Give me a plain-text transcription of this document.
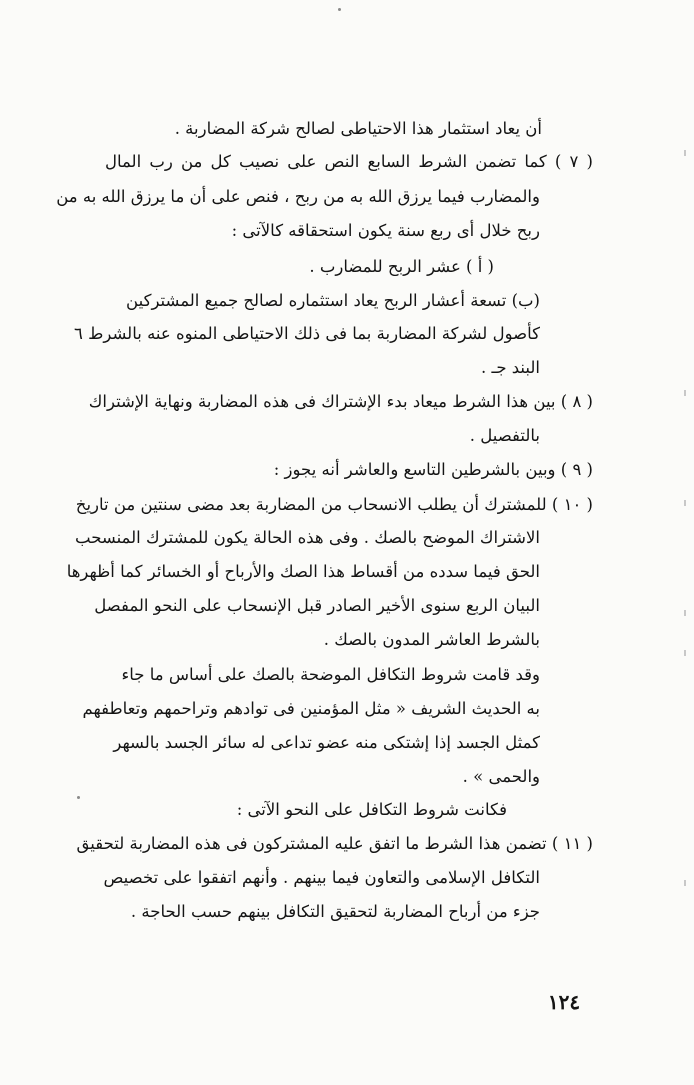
أن يعاد استثمار هذا الاحتياطى لصالح شركة المضاربة .
( ٧ ) كما تضمن الشرط السابع النص على نصيب كل من رب المال
والمضارب فيما يرزق الله به من ربح ، فنص على أن ما يرزق الله به من
ربح خلال أى ربع سنة يكون استحقاقه كالآتى :
( أ ) عشر الربح للمضارب .
(ب) تسعة أعشار الربح يعاد استثماره لصالح جميع المشتركين
كأصول لشركة المضاربة بما فى ذلك الاحتياطى المنوه عنه بالشرط ٦
البند جـ .
( ٨ ) بين هذا الشرط ميعاد بدء الإشتراك فى هذه المضاربة ونهاية الإشتراك
بالتفصيل .
( ٩ ) وبين بالشرطين التاسع والعاشر أنه يجوز :
( ١٠ ) للمشترك أن يطلب الانسحاب من المضاربة بعد مضى سنتين من تاريخ
الاشتراك الموضح بالصك . وفى هذه الحالة يكون للمشترك المنسحب
الحق فيما سدده من أقساط هذا الصك والأرباح أو الخسائر كما أظهرها
البيان الربع سنوى الأخير الصادر قبل الإنسحاب على النحو المفصل
بالشرط العاشر المدون بالصك .
وقد قامت شروط التكافل الموضحة بالصك على أساس ما جاء
به الحديث الشريف « مثل المؤمنين فى توادهم وتراحمهم وتعاطفهم
كمثل الجسد إذا إشتكى منه عضو تداعى له سائر الجسد بالسهر
والحمى » .
فكانت شروط التكافل على النحو الآتى :
( ١١ ) تضمن هذا الشرط ما اتفق عليه المشتركون فى هذه المضاربة لتحقيق
التكافل الإسلامى والتعاون فيما بينهم . وأنهم اتفقوا على تخصيص
جزء من أرباح المضاربة لتحقيق التكافل بينهم حسب الحاجة .
١٢٤
